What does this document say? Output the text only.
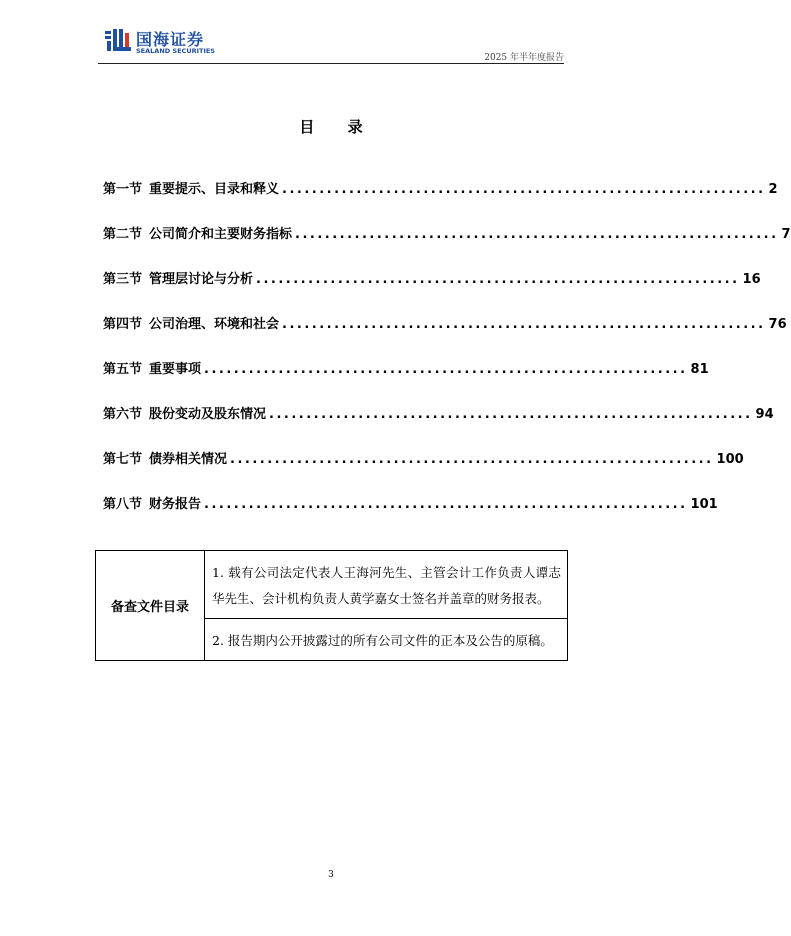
国海证券
SEALAND SECURITIES
2025 年半年度报告
目 录
第一节 重要提示、目录和释义 ................................................................. 2
第二节 公司简介和主要财务指标 ................................................................. 7
第三节 管理层讨论与分析 ................................................................. 16
第四节 公司治理、环境和社会 ................................................................. 76
第五节 重要事项 ................................................................. 81
第六节 股份变动及股东情况 ................................................................. 94
第七节 债券相关情况 ................................................................. 100
第八节 财务报告 ................................................................. 101
备查文件目录	1. 载有公司法定代表人王海河先生、主管会计工作负责人谭志华先生、会计机构负责人黄学嘉女士签名并盖章的财务报表。
2. 报告期内公开披露过的所有公司文件的正本及公告的原稿。
3
